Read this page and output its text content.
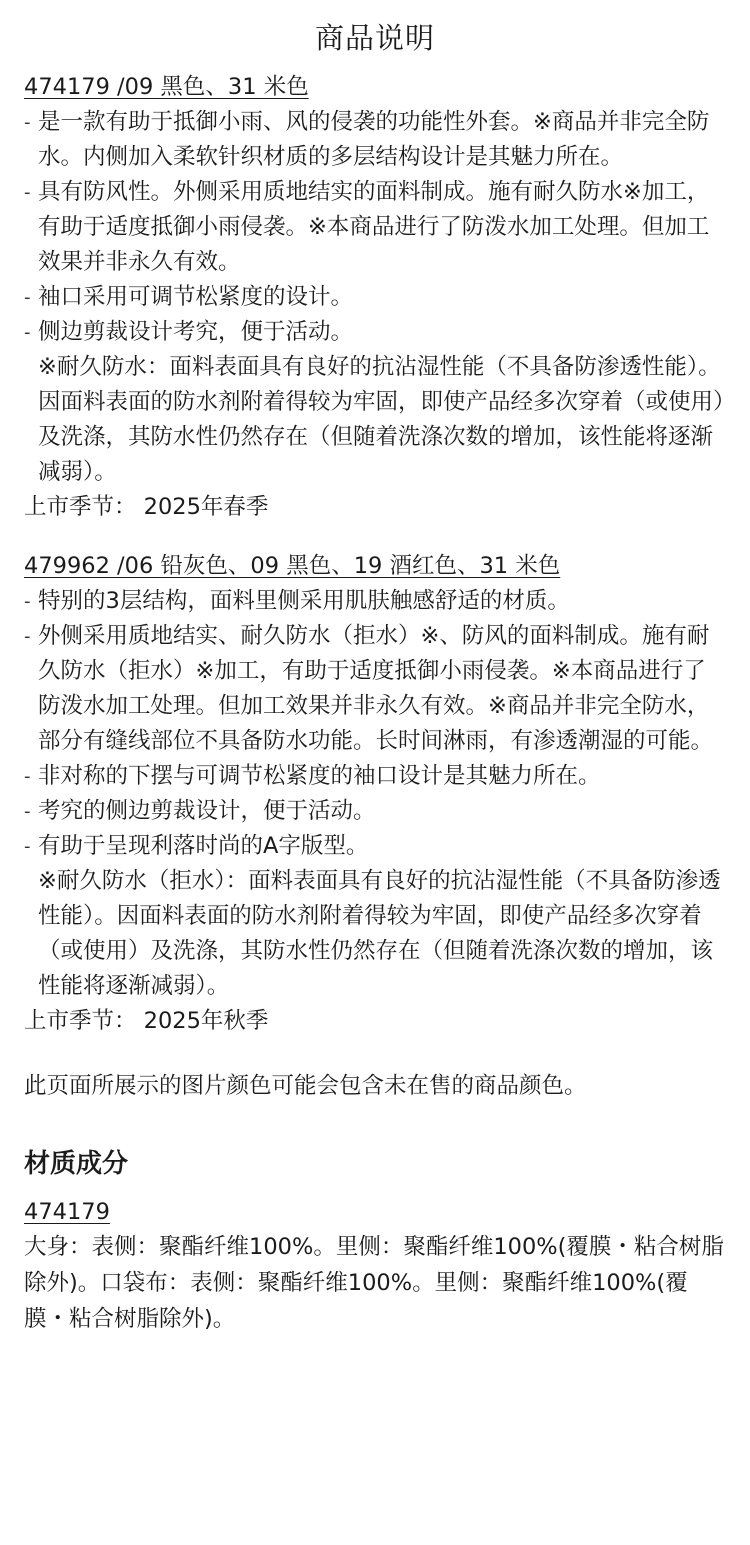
商品说明
474179 /09 黑色、31 米色
- 是一款有助于抵御小雨、风的侵袭的功能性外套。※商品并非完全防水。内侧加入柔软针织材质的多层结构设计是其魅力所在。
- 具有防风性。外侧采用质地结实的面料制成。施有耐久防水※加工，有助于适度抵御小雨侵袭。※本商品进行了防泼水加工处理。但加工效果并非永久有效。
- 袖口采用可调节松紧度的设计。
- 侧边剪裁设计考究，便于活动。
※耐久防水：面料表面具有良好的抗沾湿性能（不具备防渗透性能）。因面料表面的防水剂附着得较为牢固，即使产品经多次穿着（或使用）及洗涤，其防水性仍然存在（但随着洗涤次数的增加，该性能将逐渐减弱）。
上市季节： 2025年春季
479962 /06 铅灰色、09 黑色、19 酒红色、31 米色
- 特别的3层结构，面料里侧采用肌肤触感舒适的材质。
- 外侧采用质地结实、耐久防水（拒水）※、防风的面料制成。施有耐久防水（拒水）※加工，有助于适度抵御小雨侵袭。※本商品进行了防泼水加工处理。但加工效果并非永久有效。※商品并非完全防水，部分有缝线部位不具备防水功能。长时间淋雨，有渗透潮湿的可能。
- 非对称的下摆与可调节松紧度的袖口设计是其魅力所在。
- 考究的侧边剪裁设计，便于活动。
- 有助于呈现利落时尚的A字版型。
※耐久防水（拒水）：面料表面具有良好的抗沾湿性能（不具备防渗透性能）。因面料表面的防水剂附着得较为牢固，即使产品经多次穿着（或使用）及洗涤，其防水性仍然存在（但随着洗涤次数的增加，该性能将逐渐减弱）。
上市季节： 2025年秋季
此页面所展示的图片颜色可能会包含未在售的商品颜色。
材质成分
474179
大身：表侧：聚酯纤维100%。里侧：聚酯纤维100%(覆膜・粘合树脂除外)。口袋布：表侧：聚酯纤维100%。里侧：聚酯纤维100%(覆膜・粘合树脂除外)。
